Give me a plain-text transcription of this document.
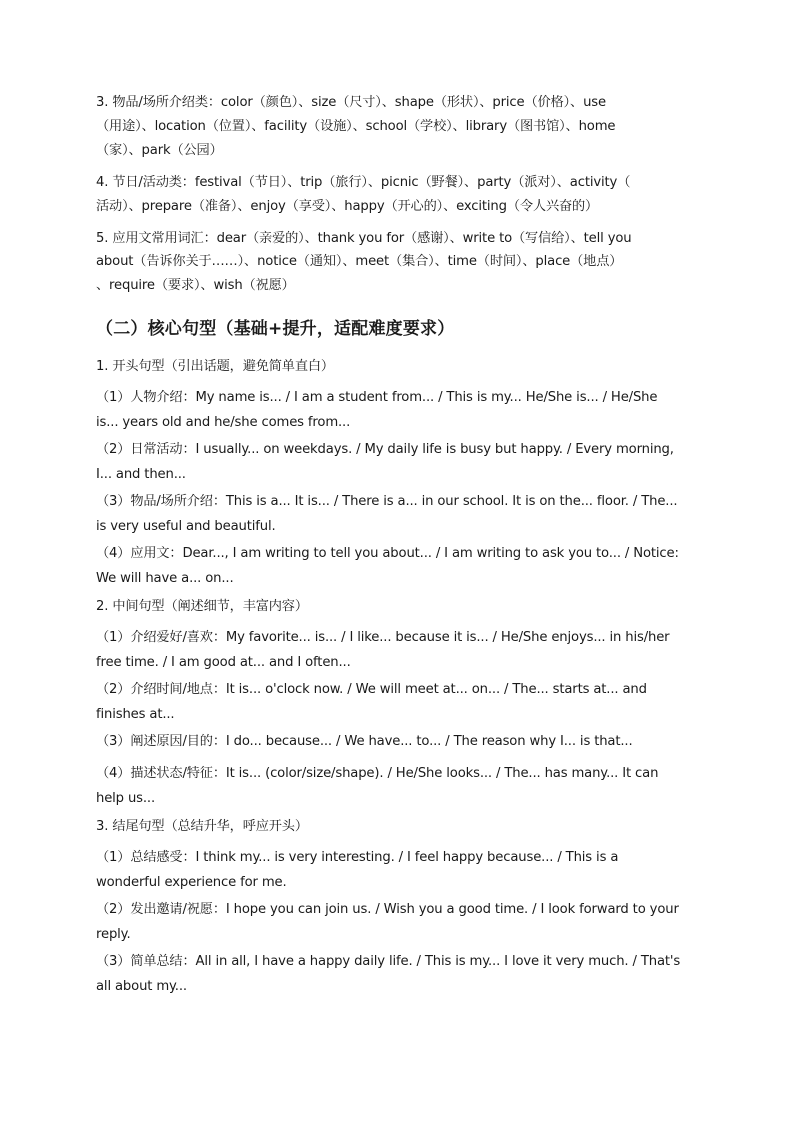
3. 物品/场所介绍类：color（颜色）、size（尺寸）、shape（形状）、price（价格）、use

（用途）、location（位置）、facility（设施）、school（学校）、library（图书馆）、home

（家）、park（公园）

4. 节日/活动类：festival（节日）、trip（旅行）、picnic（野餐）、party（派对）、activity（

活动）、prepare（准备）、enjoy（享受）、happy（开心的）、exciting（令人兴奋的）

5. 应用文常用词汇：dear（亲爱的）、thank you for（感谢）、write to（写信给）、tell you

about（告诉你关于……）、notice（通知）、meet（集合）、time（时间）、place（地点）

、require（要求）、wish（祝愿）

（二）核心句型（基础+提升，适配难度要求）

1. 开头句型（引出话题，避免简单直白）

（1）人物介绍：My name is... / I am a student from... / This is my... He/She is... / He/She

is... years old and he/she comes from...

（2）日常活动：I usually... on weekdays. / My daily life is busy but happy. / Every morning,

I... and then...

（3）物品/场所介绍：This is a... It is... / There is a... in our school. It is on the... floor. / The...

is very useful and beautiful.

（4）应用文：Dear..., I am writing to tell you about... / I am writing to ask you to... / Notice:

We will have a... on...

2. 中间句型（阐述细节，丰富内容）

（1）介绍爱好/喜欢：My favorite... is... / I like... because it is... / He/She enjoys... in his/her

free time. / I am good at... and I often...

（2）介绍时间/地点：It is... o'clock now. / We will meet at... on... / The... starts at... and

finishes at...

（3）阐述原因/目的：I do... because... / We have... to... / The reason why I... is that...

（4）描述状态/特征：It is... (color/size/shape). / He/She looks... / The... has many... It can

help us...

3. 结尾句型（总结升华，呼应开头）

（1）总结感受：I think my... is very interesting. / I feel happy because... / This is a

wonderful experience for me.

（2）发出邀请/祝愿：I hope you can join us. / Wish you a good time. / I look forward to your

reply.

（3）简单总结：All in all, I have a happy daily life. / This is my... I love it very much. / That's

all about my...
